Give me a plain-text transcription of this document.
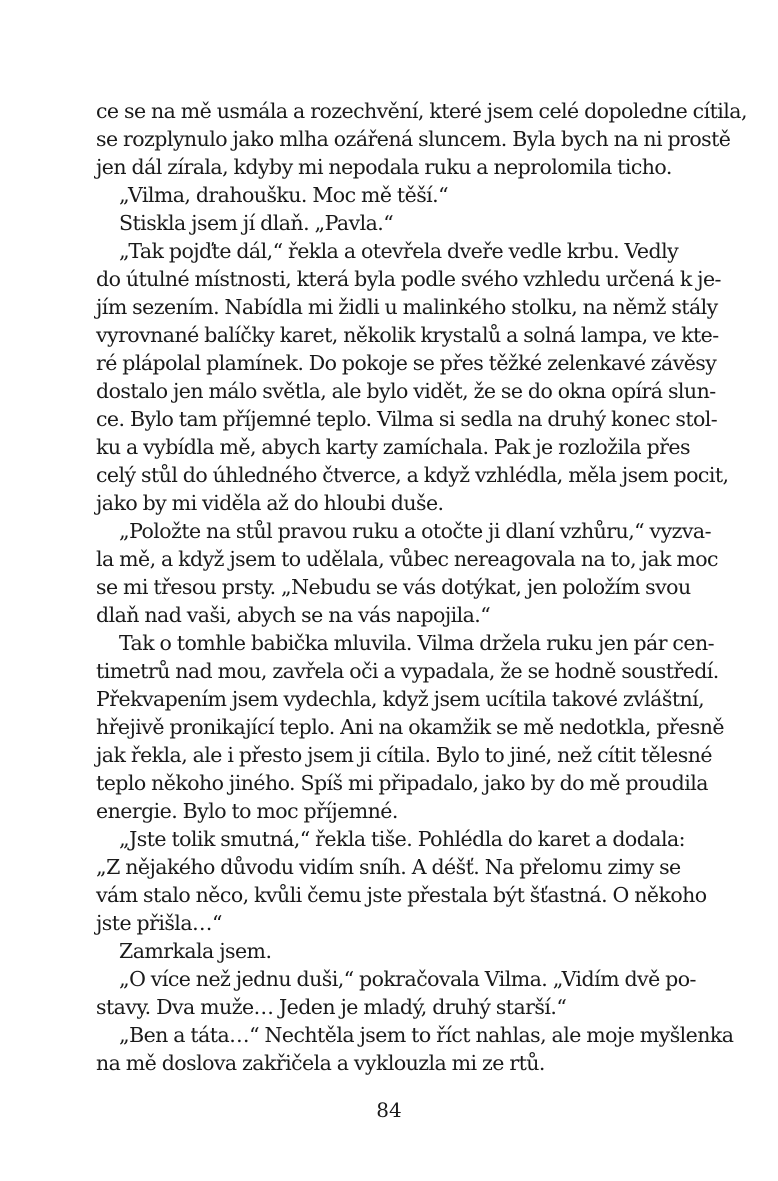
ce se na mě usmála a rozechvění, které jsem celé dopoledne cítila,
se rozplynulo jako mlha ozářená sluncem. Byla bych na ni prostě
jen dál zírala, kdyby mi nepodala ruku a neprolomila ticho.
„Vilma, drahoušku. Moc mě těší.“
Stiskla jsem jí dlaň. „Pavla.“
„Tak pojďte dál,“ řekla a otevřela dveře vedle krbu. Vedly
do útulné místnosti, která byla podle svého vzhledu určená k je-
jím sezením. Nabídla mi židli u malinkého stolku, na němž stály
vyrovnané balíčky karet, několik krystalů a solná lampa, ve kte-
ré plápolal plamínek. Do pokoje se přes těžké zelenkavé závěsy
dostalo jen málo světla, ale bylo vidět, že se do okna opírá slun-
ce. Bylo tam příjemné teplo. Vilma si sedla na druhý konec stol-
ku a vybídla mě, abych karty zamíchala. Pak je rozložila přes
celý stůl do úhledného čtverce, a když vzhlédla, měla jsem pocit,
jako by mi viděla až do hloubi duše.
„Položte na stůl pravou ruku a otočte ji dlaní vzhůru,“ vyzva-
la mě, a když jsem to udělala, vůbec nereagovala na to, jak moc
se mi třesou prsty. „Nebudu se vás dotýkat, jen položím svou
dlaň nad vaši, abych se na vás napojila.“
Tak o tomhle babička mluvila. Vilma držela ruku jen pár cen-
timetrů nad mou, zavřela oči a vypadala, že se hodně soustředí.
Překvapením jsem vydechla, když jsem ucítila takové zvláštní,
hřejivě pronikající teplo. Ani na okamžik se mě nedotkla, přesně
jak řekla, ale i přesto jsem ji cítila. Bylo to jiné, než cítit tělesné
teplo někoho jiného. Spíš mi připadalo, jako by do mě proudila
energie. Bylo to moc příjemné.
„Jste tolik smutná,“ řekla tiše. Pohlédla do karet a dodala:
„Z nějakého důvodu vidím sníh. A déšť. Na přelomu zimy se
vám stalo něco, kvůli čemu jste přestala být šťastná. O někoho
jste přišla…“
Zamrkala jsem.
„O více než jednu duši,“ pokračovala Vilma. „Vidím dvě po-
stavy. Dva muže… Jeden je mladý, druhý starší.“
„Ben a táta…“ Nechtěla jsem to říct nahlas, ale moje myšlenka
na mě doslova zakřičela a vyklouzla mi ze rtů.
84
